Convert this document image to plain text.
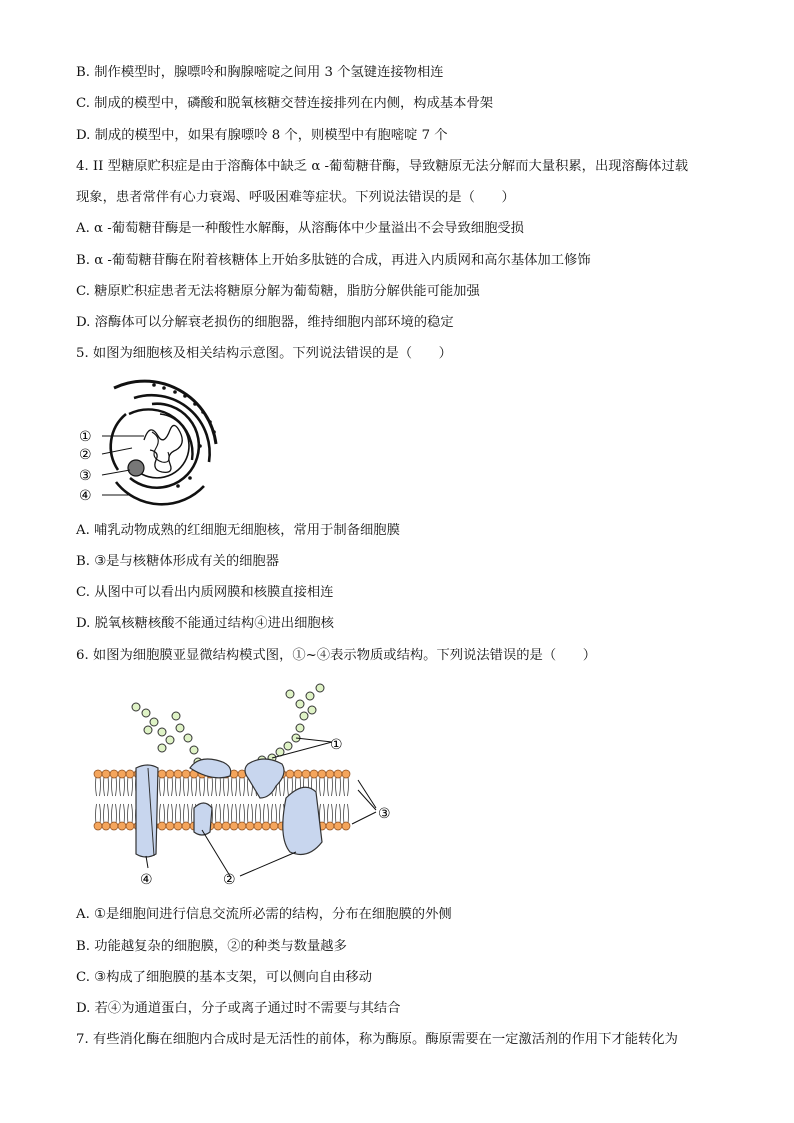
B. 制作模型时，腺嘌呤和胸腺嘧啶之间用 3 个氢键连接物相连
C. 制成的模型中，磷酸和脱氧核糖交替连接排列在内侧，构成基本骨架
D. 制成的模型中，如果有腺嘌呤 8 个，则模型中有胞嘧啶 7 个
4. II 型糖原贮积症是由于溶酶体中缺乏 α -葡萄糖苷酶，导致糖原无法分解而大量积累，出现溶酶体过载
现象，患者常伴有心力衰竭、呼吸困难等症状。下列说法错误的是（　　）
A. α -葡萄糖苷酶是一种酸性水解酶，从溶酶体中少量溢出不会导致细胞受损
B. α -葡萄糖苷酶在附着核糖体上开始多肽链的合成，再进入内质网和高尔基体加工修饰
C. 糖原贮积症患者无法将糖原分解为葡萄糖，脂肪分解供能可能加强
D. 溶酶体可以分解衰老损伤的细胞器，维持细胞内部环境的稳定
5. 如图为细胞核及相关结构示意图。下列说法错误的是（　　）
①
②
③
④
A. 哺乳动物成熟的红细胞无细胞核，常用于制备细胞膜
B. ③是与核糖体形成有关的细胞器
C. 从图中可以看出内质网膜和核膜直接相连
D. 脱氧核糖核酸不能通过结构④进出细胞核
6. 如图为细胞膜亚显微结构模式图，①~④表示物质或结构。下列说法错误的是（　　）
①
②
③
④
A. ①是细胞间进行信息交流所必需的结构，分布在细胞膜的外侧
B. 功能越复杂的细胞膜，②的种类与数量越多
C. ③构成了细胞膜的基本支架，可以侧向自由移动
D. 若④为通道蛋白，分子或离子通过时不需要与其结合
7. 有些消化酶在细胞内合成时是无活性的前体，称为酶原。酶原需要在一定激活剂的作用下才能转化为
